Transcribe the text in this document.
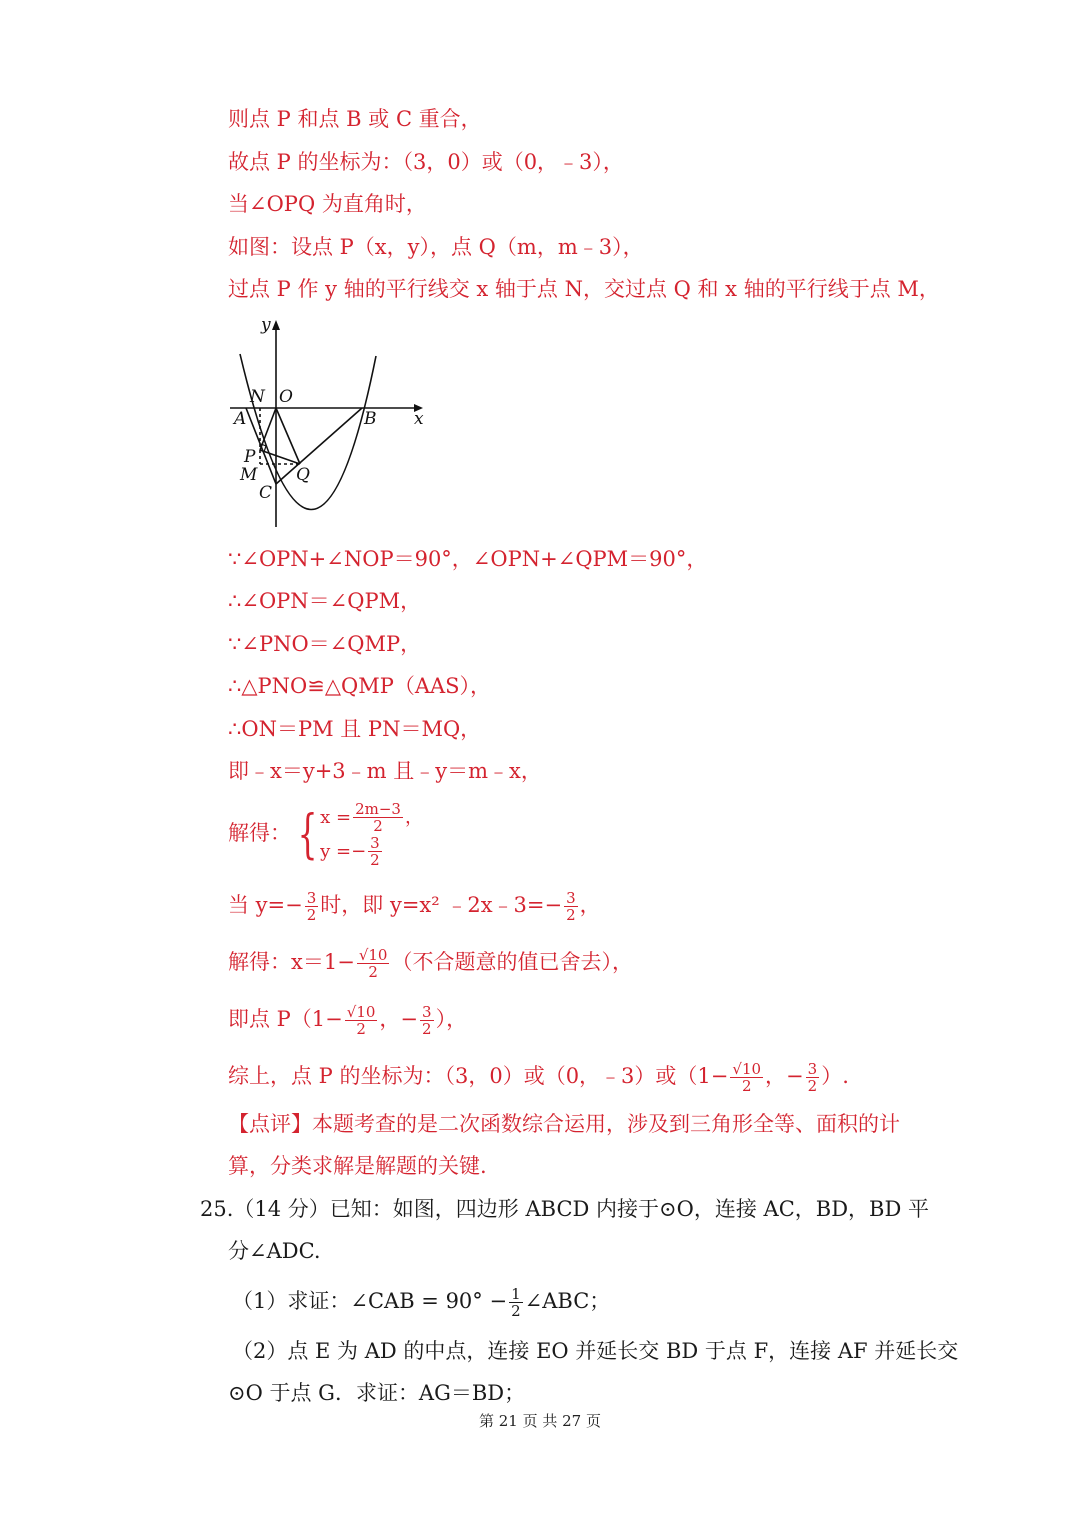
则点 P 和点 B 或 C 重合，
故点 P 的坐标为：（3，0）或（0，﹣3），
当∠OPQ 为直角时，
如图：设点 P（x，y），点 Q（m，m﹣3），
过点 P 作 y 轴的平行线交 x 轴于点 N，交过点 Q 和 x 轴的平行线于点 M，
y
x
N O
A	B
P
M Q
C
∵∠OPN+∠NOP＝90°，∠OPN+∠QPM＝90°，
∴∠OPN＝∠QPM，
∵∠PNO＝∠QMP，
∴△PNO≌△QMP（AAS），
∴ON＝PM 且 PN＝MQ，
即﹣x＝y+3﹣m 且﹣y＝m﹣x，
解得： { $x = \frac{2m-3}{2}$ ，
$y =- \frac{3}{2}$
当 $y=- \frac{3}{2}$ 时，即 y=x² ﹣2x﹣3=− $\frac{3}{2}$ ，
解得：$x=1- \frac{√10}{2}$ （不合题意的值已舍去），
即点 $P(1- \frac{√10}{2}$ ，− $\frac{3}{2}$ ），
综上，点 P 的坐标为：（3，0）或（0，﹣3）或（$1- \frac{√10}{2}$ ，− $\frac{3}{2}$ ）.
【点评】本题考查的是二次函数综合运用，涉及到三角形全等、面积的计
算，分类求解是解题的关键.
25.（14 分）已知：如图，四边形 ABCD 内接于⊙O，连接 AC，BD，BD 平
分∠ADC.
（1）求证：∠CAB = $90^\circ - \frac{1}{2}$ ∠ABC；
（2）点 E 为 AD 的中点，连接 EO 并延长交 BD 于点 F，连接 AF 并延长交
⊙O 于点 G．求证：AG＝BD；
第 21 页 共 27 页
